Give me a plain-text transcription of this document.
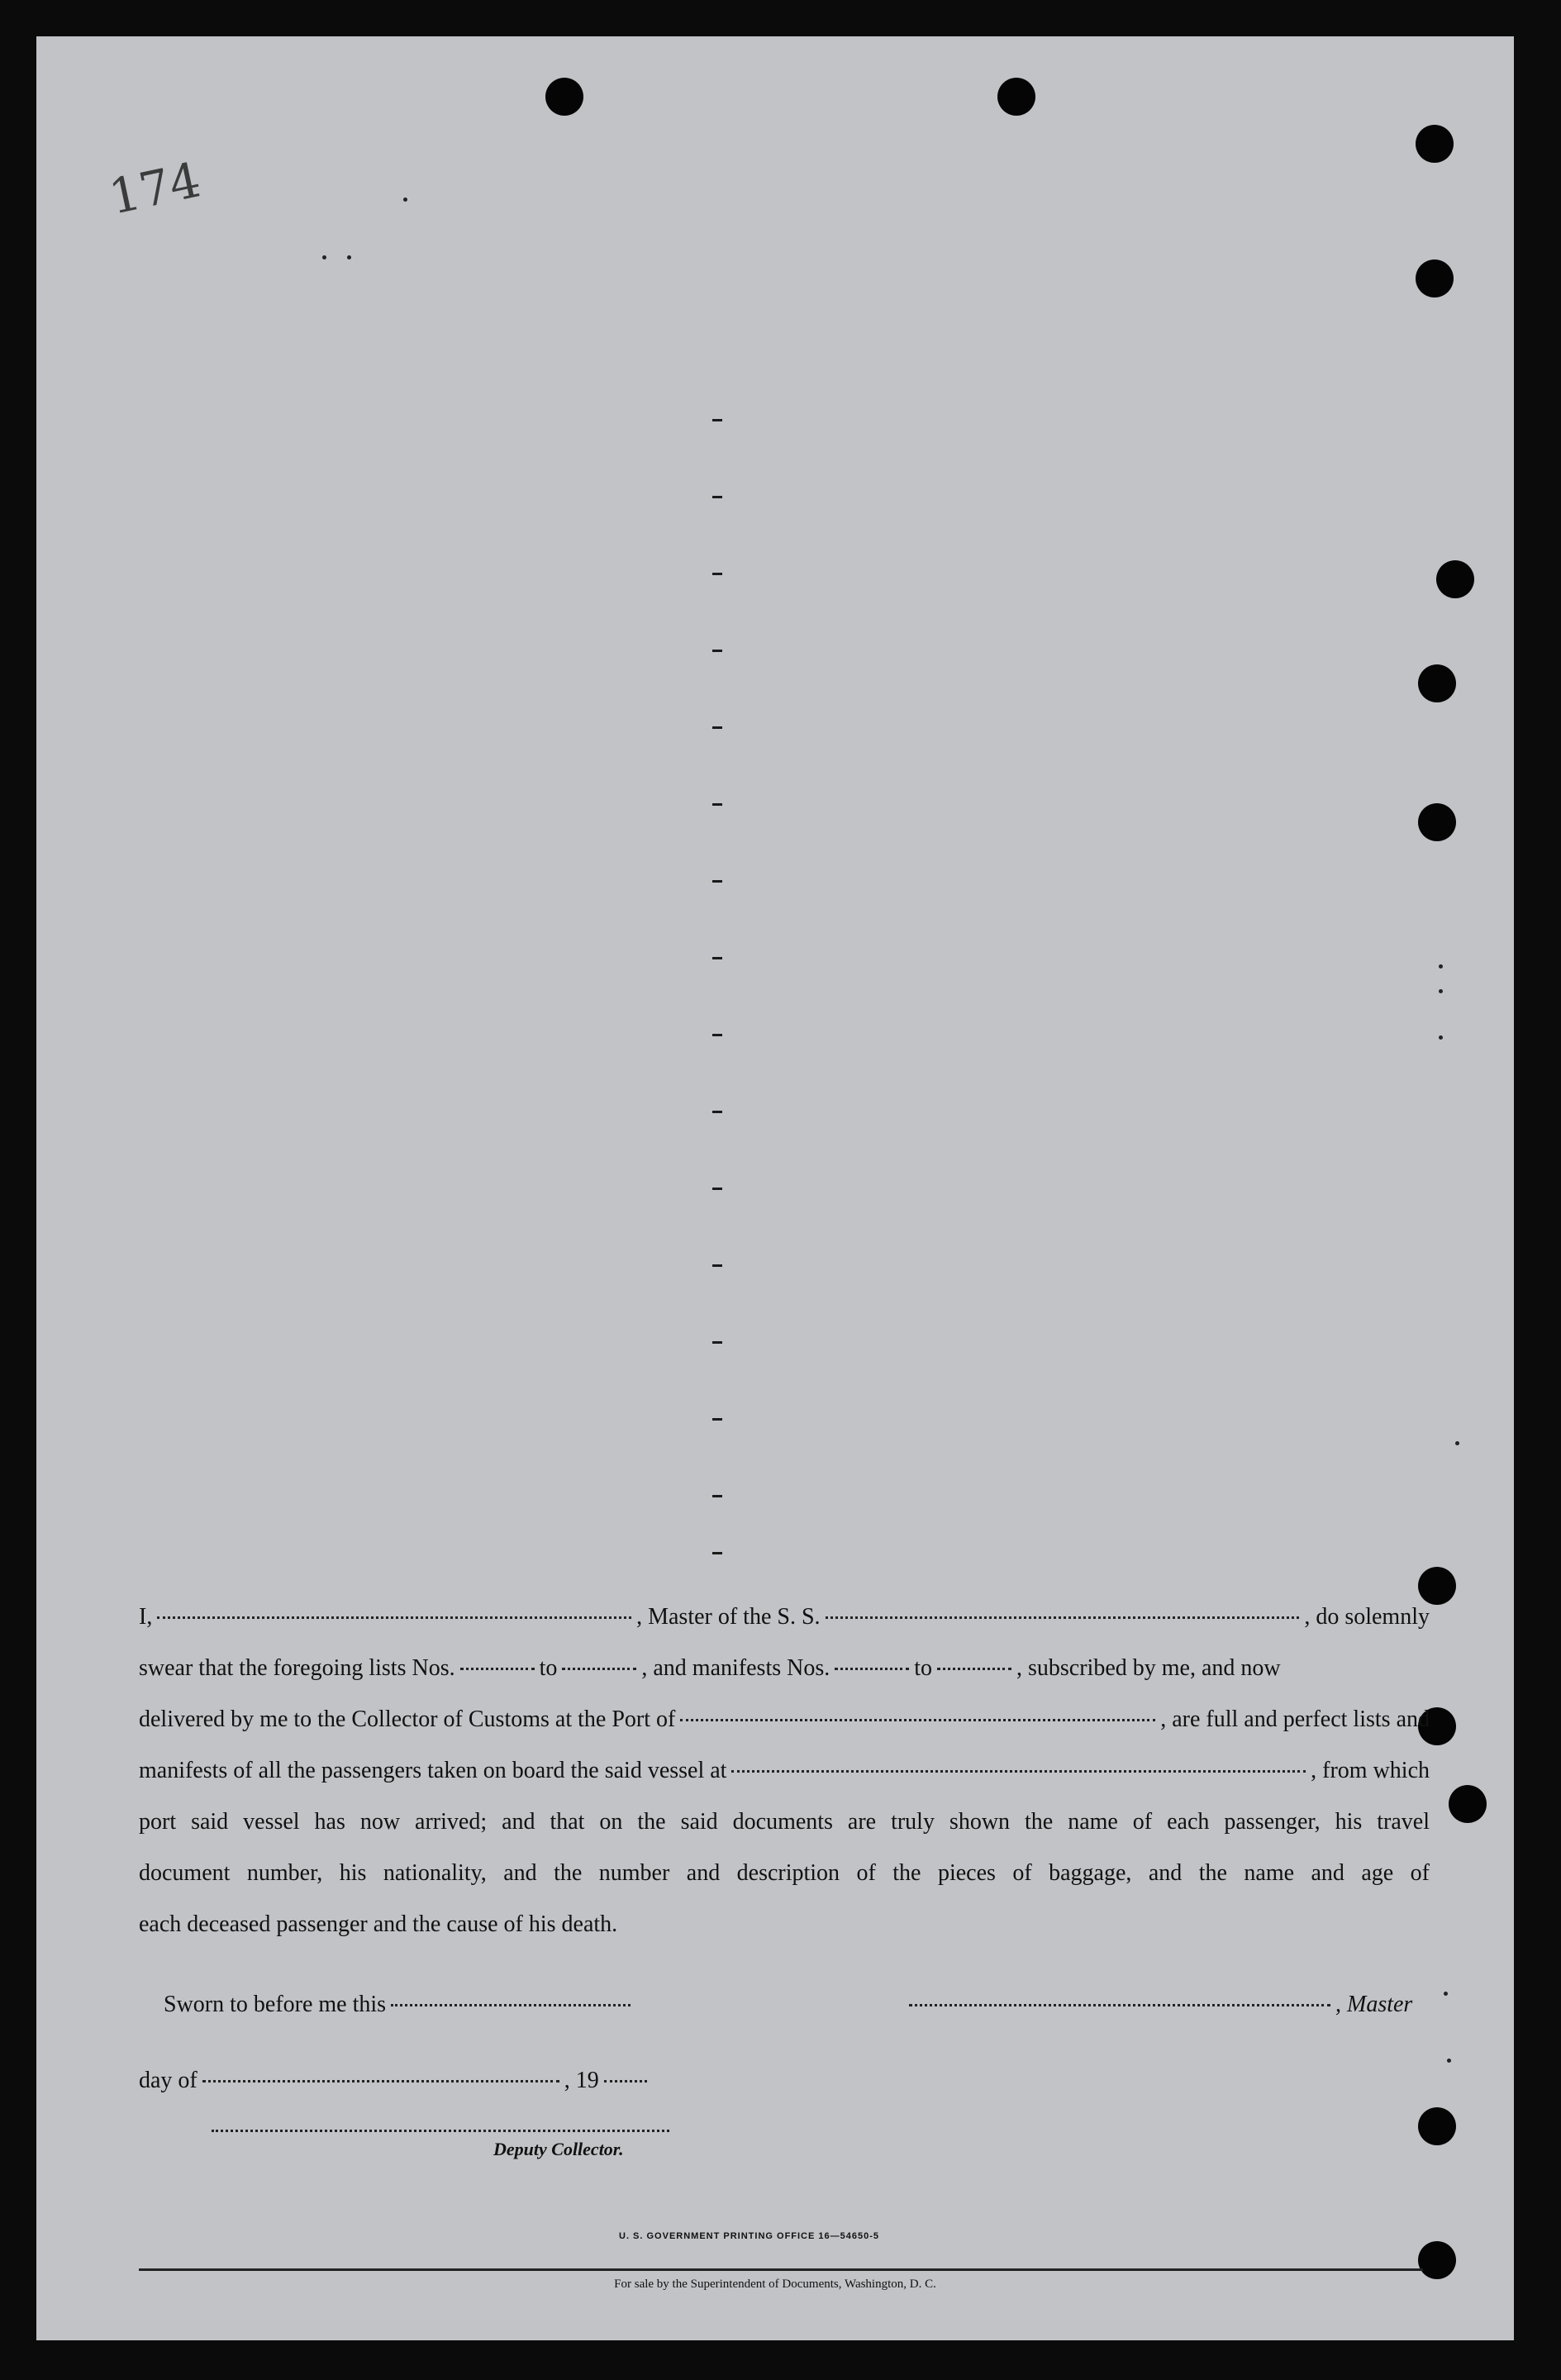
174

I,	, Master of the S. S.	, do solemnly

swear that the foregoing lists Nos.	to	, and manifests Nos.	to	, subscribed by me, and now

delivered by me to the Collector of Customs at the Port of	, are full and perfect lists and

manifests of all the passengers taken on board the said vessel at	, from which

port said vessel has now arrived; and that on the said documents are truly shown the name of each passenger, his travel

document number, his nationality, and the number and description of the pieces of baggage, and the name and age of

each deceased passenger and the cause of his death.

Sworn to before me this	, Master
day of	, 19
Deputy Collector.
U. S. GOVERNMENT PRINTING OFFICE 16—54650-5
For sale by the Superintendent of Documents, Washington, D. C.
